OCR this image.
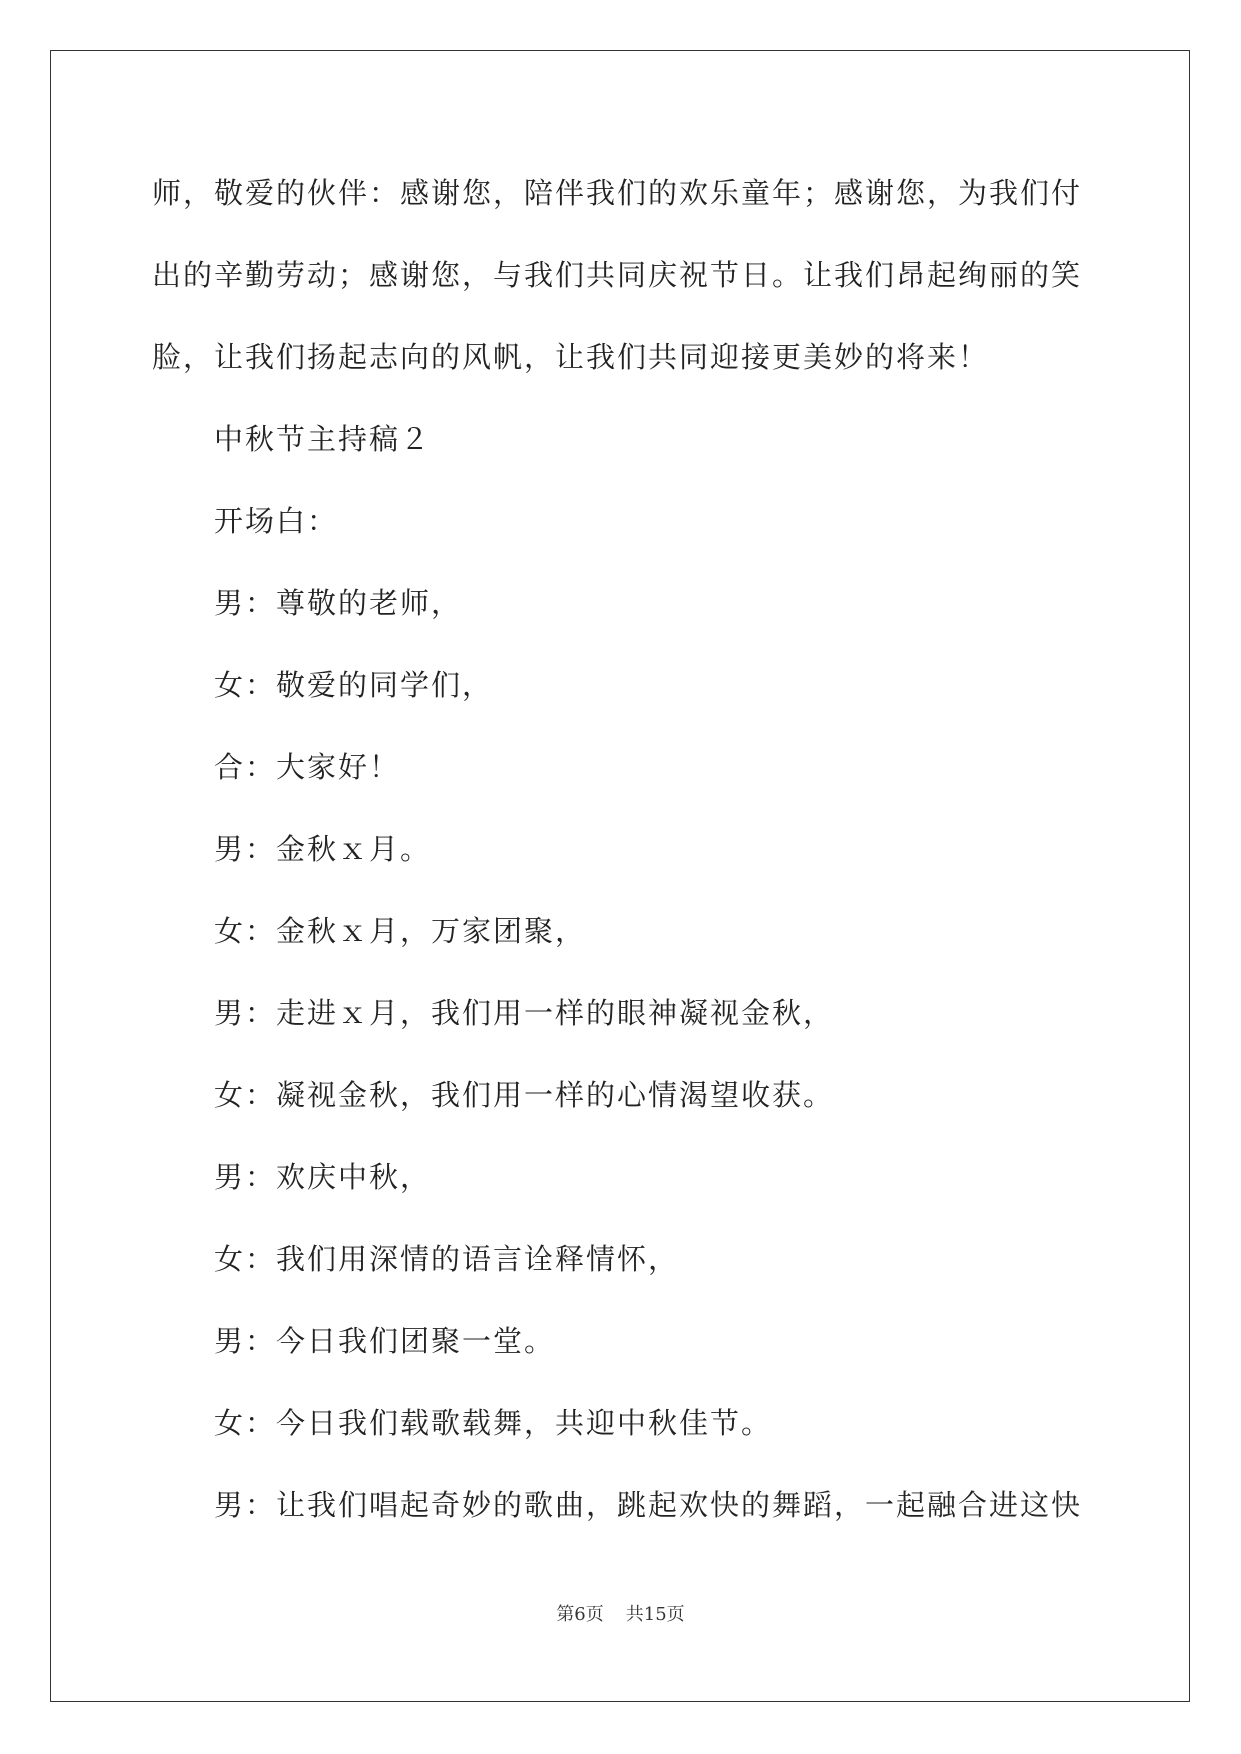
师，敬爱的伙伴：感谢您，陪伴我们的欢乐童年；感谢您，为我们付

出的辛勤劳动；感谢您，与我们共同庆祝节日。让我们昂起绚丽的笑

脸，让我们扬起志向的风帆，让我们共同迎接更美妙的将来！

中秋节主持稿２

开场白：

男：尊敬的老师，

女：敬爱的同学们，

合：大家好！

男：金秋ｘ月。

女：金秋ｘ月，万家团聚，

男：走进ｘ月，我们用一样的眼神凝视金秋，

女：凝视金秋，我们用一样的心情渴望收获。

男：欢庆中秋，

女：我们用深情的语言诠释情怀，

男：今日我们团聚一堂。

女：今日我们载歌载舞，共迎中秋佳节。

男：让我们唱起奇妙的歌曲，跳起欢快的舞蹈，一起融合进这快

第6页 共15页
